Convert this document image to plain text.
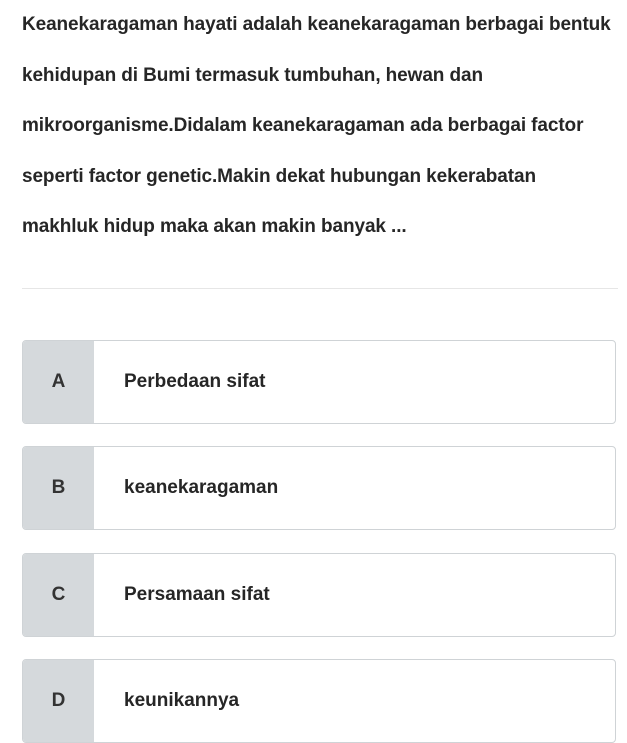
Keanekaragaman hayati adalah keanekaragaman berbagai bentuk kehidupan di Bumi termasuk tumbuhan, hewan dan mikroorganisme.Didalam keanekaragaman ada berbagai factor seperti factor genetic.Makin dekat hubungan kekerabatan makhluk hidup maka akan makin banyak ...
A	Perbedaan sifat
B	keanekaragaman
C	Persamaan sifat
D	keunikannya
